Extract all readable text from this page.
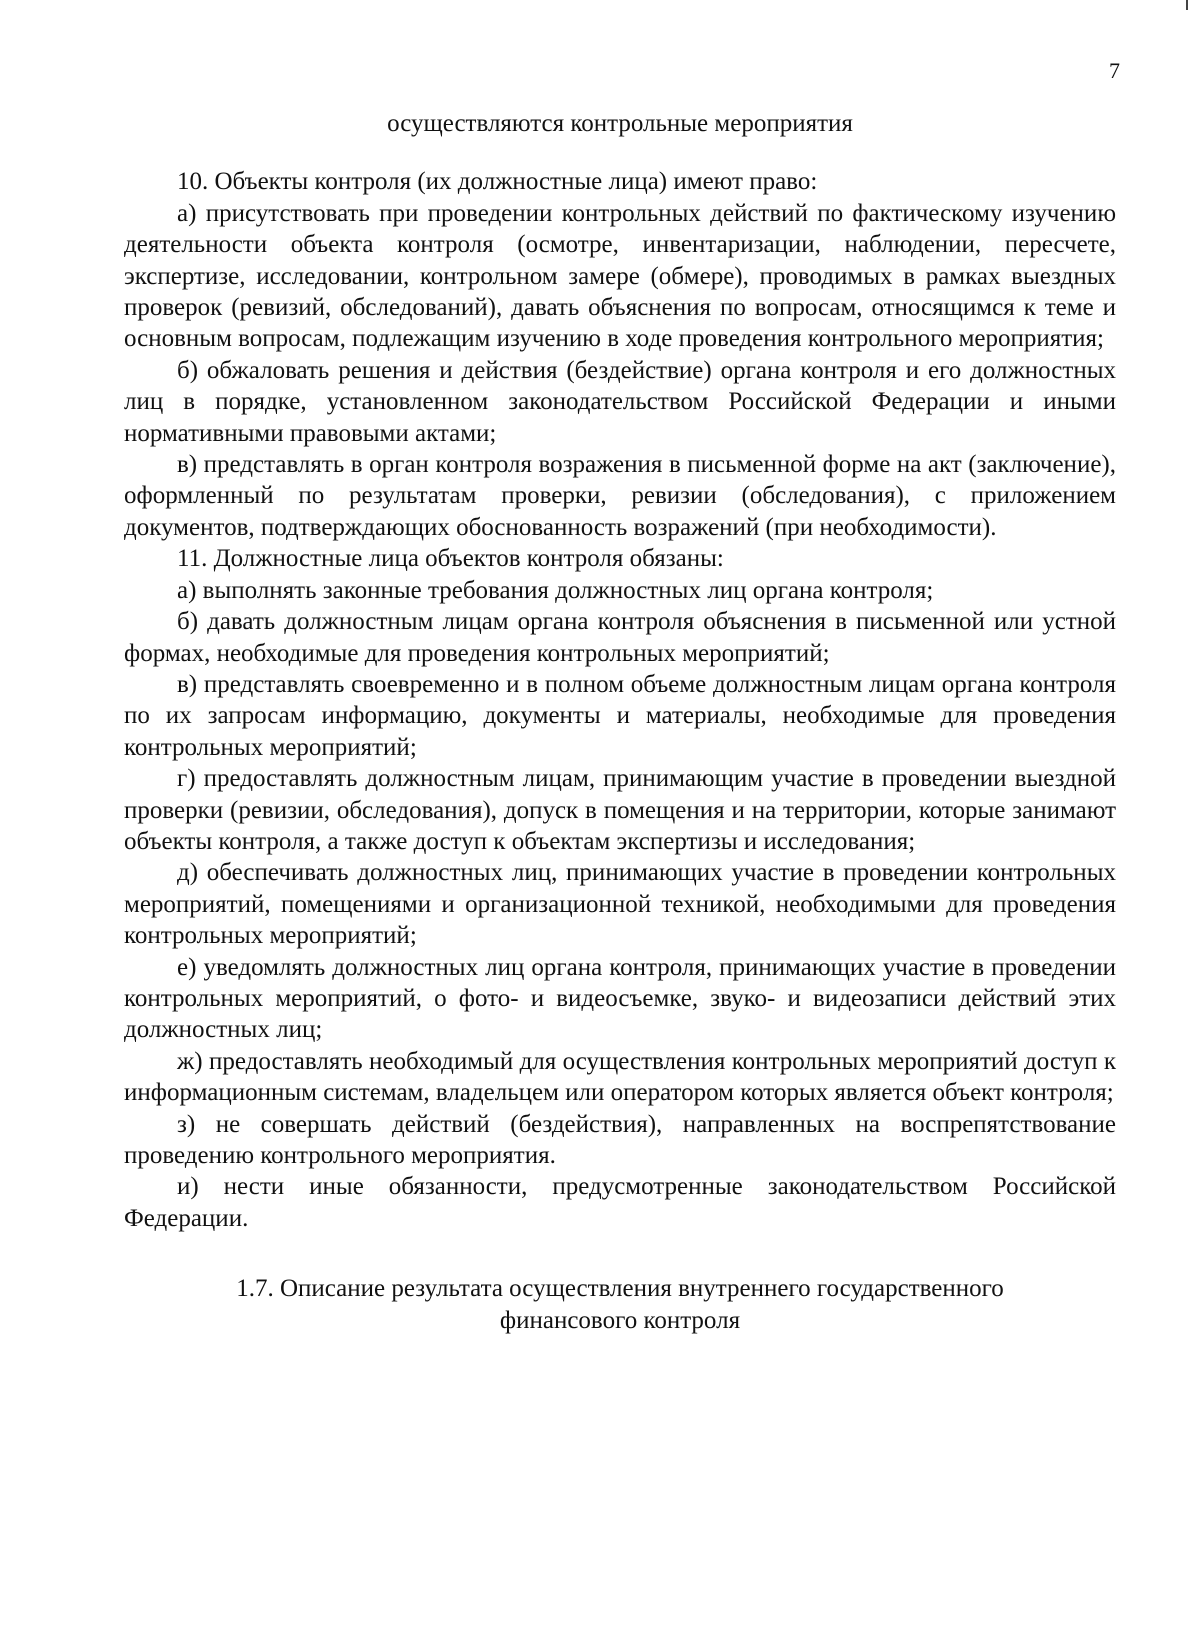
7

осуществляются контрольные мероприятия

10. Объекты контроля (их должностные лица) имеют право:

а) присутствовать при проведении контрольных действий по фактическому изучению деятельности объекта контроля (осмотре, инвентаризации, наблюдении, пересчете, экспертизе, исследовании, контрольном замере (обмере), проводимых в рамках выездных проверок (ревизий, обследований), давать объяснения по вопросам, относящимся к теме и основным вопросам, подлежащим изучению в ходе проведения контрольного мероприятия;

б) обжаловать решения и действия (бездействие) органа контроля и его должностных лиц в порядке, установленном законодательством Российской Федерации и иными нормативными правовыми актами;

в) представлять в орган контроля возражения в письменной форме на акт (заключение), оформленный по результатам проверки, ревизии (обследования), с приложением документов, подтверждающих обоснованность возражений (при необходимости).

11. Должностные лица объектов контроля обязаны:

а) выполнять законные требования должностных лиц органа контроля;

б) давать должностным лицам органа контроля объяснения в письменной или устной формах, необходимые для проведения контрольных мероприятий;

в) представлять своевременно и в полном объеме должностным лицам органа контроля по их запросам информацию, документы и материалы, необходимые для проведения контрольных мероприятий;

г) предоставлять должностным лицам, принимающим участие в проведении выездной проверки (ревизии, обследования), допуск в помещения и на территории, которые занимают объекты контроля, а также доступ к объектам экспертизы и исследования;

д) обеспечивать должностных лиц, принимающих участие в проведении контрольных мероприятий, помещениями и организационной техникой, необходимыми для проведения контрольных мероприятий;

е) уведомлять должностных лиц органа контроля, принимающих участие в проведении контрольных мероприятий, о фото- и видеосъемке, звуко- и видеозаписи действий этих должностных лиц;

ж) предоставлять необходимый для осуществления контрольных мероприятий доступ к информационным системам, владельцем или оператором которых является объект контроля;

з) не совершать действий (бездействия), направленных на воспрепятствование проведению контрольного мероприятия.

и) нести иные обязанности, предусмотренные законодательством Российской Федерации.

1.7. Описание результата осуществления внутреннего государственного финансового контроля
